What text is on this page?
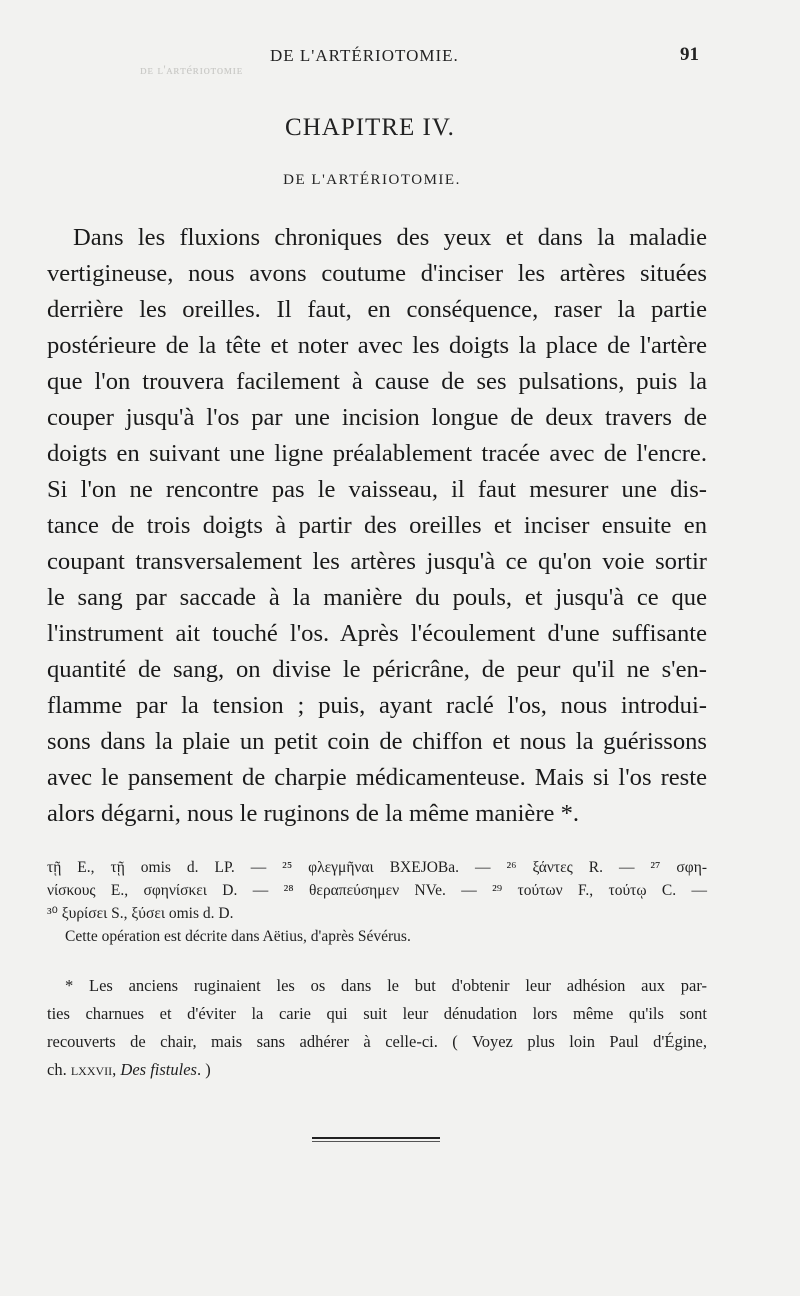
ᴅᴇ ʟ'ᴀʀᴛéʀɪᴏᴛᴏᴍɪᴇ
DE L'ARTÉRIOTOMIE.	91
CHAPITRE IV.
DE L'ARTÉRIOTOMIE.
Dans les fluxions chroniques des yeux et dans la maladie
vertigineuse, nous avons coutume d'inciser les artères situées
derrière les oreilles. Il faut, en conséquence, raser la partie
postérieure de la tête et noter avec les doigts la place de l'artère
que l'on trouvera facilement à cause de ses pulsations, puis la
couper jusqu'à l'os par une incision longue de deux travers de
doigts en suivant une ligne préalablement tracée avec de l'encre.
Si l'on ne rencontre pas le vaisseau, il faut mesurer une dis-
tance de trois doigts à partir des oreilles et inciser ensuite en
coupant transversalement les artères jusqu'à ce qu'on voie sortir
le sang par saccade à la manière du pouls, et jusqu'à ce que
l'instrument ait touché l'os. Après l'écoulement d'une suffisante
quantité de sang, on divise le péricrâne, de peur qu'il ne s'en-
flamme par la tension ; puis, ayant raclé l'os, nous introdui-
sons dans la plaie un petit coin de chiffon et nous la guérissons
avec le pansement de charpie médicamenteuse. Mais si l'os reste
alors dégarni, nous le ruginons de la même manière *.
τῇ E., τῇ omis d. LP. — ²⁵ φλεγμῆναι BXEJOBa. — ²⁶ ξάντες R. — ²⁷ σφη-
νίσκους E., σφηνίσκει D. — ²⁸ θεραπεύσημεν NVe. — ²⁹ τούτων F., τούτῳ C. —
³⁰ ξυρίσει S., ξύσει omis d. D.
Cette opération est décrite dans Aëtius, d'après Sévérus.
* Les anciens ruginaient les os dans le but d'obtenir leur adhésion aux par-
ties charnues et d'éviter la carie qui suit leur dénudation lors même qu'ils sont
recouverts de chair, mais sans adhérer à celle-ci. ( Voyez plus loin Paul d'Égine,
ch. lxxvii, Des fistules. )
